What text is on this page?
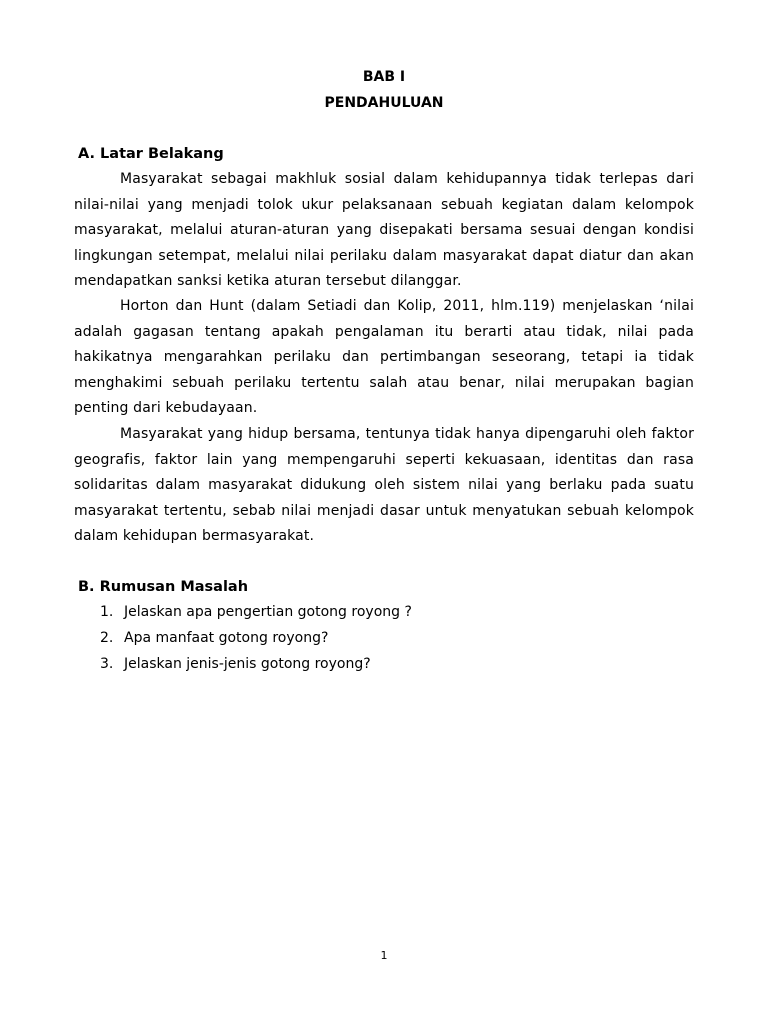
BAB I
PENDAHULUAN
A. Latar Belakang

Masyarakat sebagai makhluk sosial dalam kehidupannya tidak terlepas dari nilai-nilai yang menjadi tolok ukur pelaksanaan sebuah kegiatan dalam kelompok masyarakat, melalui aturan-aturan yang disepakati bersama sesuai dengan kondisi lingkungan setempat, melalui nilai perilaku dalam masyarakat dapat diatur dan akan mendapatkan sanksi ketika aturan tersebut dilanggar.

Horton dan Hunt (dalam Setiadi dan Kolip, 2011, hlm.119) menjelaskan ‘nilai adalah gagasan tentang apakah pengalaman itu berarti atau tidak, nilai pada hakikatnya mengarahkan perilaku dan pertimbangan seseorang, tetapi ia tidak menghakimi sebuah perilaku tertentu salah atau benar, nilai merupakan bagian penting dari kebudayaan.

Masyarakat yang hidup bersama, tentunya tidak hanya dipengaruhi oleh faktor geografis, faktor lain yang mempengaruhi seperti kekuasaan, identitas dan rasa solidaritas dalam masyarakat didukung oleh sistem nilai yang berlaku pada suatu masyarakat tertentu, sebab nilai menjadi dasar untuk menyatukan sebuah kelompok dalam kehidupan bermasyarakat.

B. Rumusan Masalah
1. Jelaskan apa pengertian gotong royong ?
2. Apa manfaat gotong royong?
3. Jelaskan jenis-jenis gotong royong?

1
